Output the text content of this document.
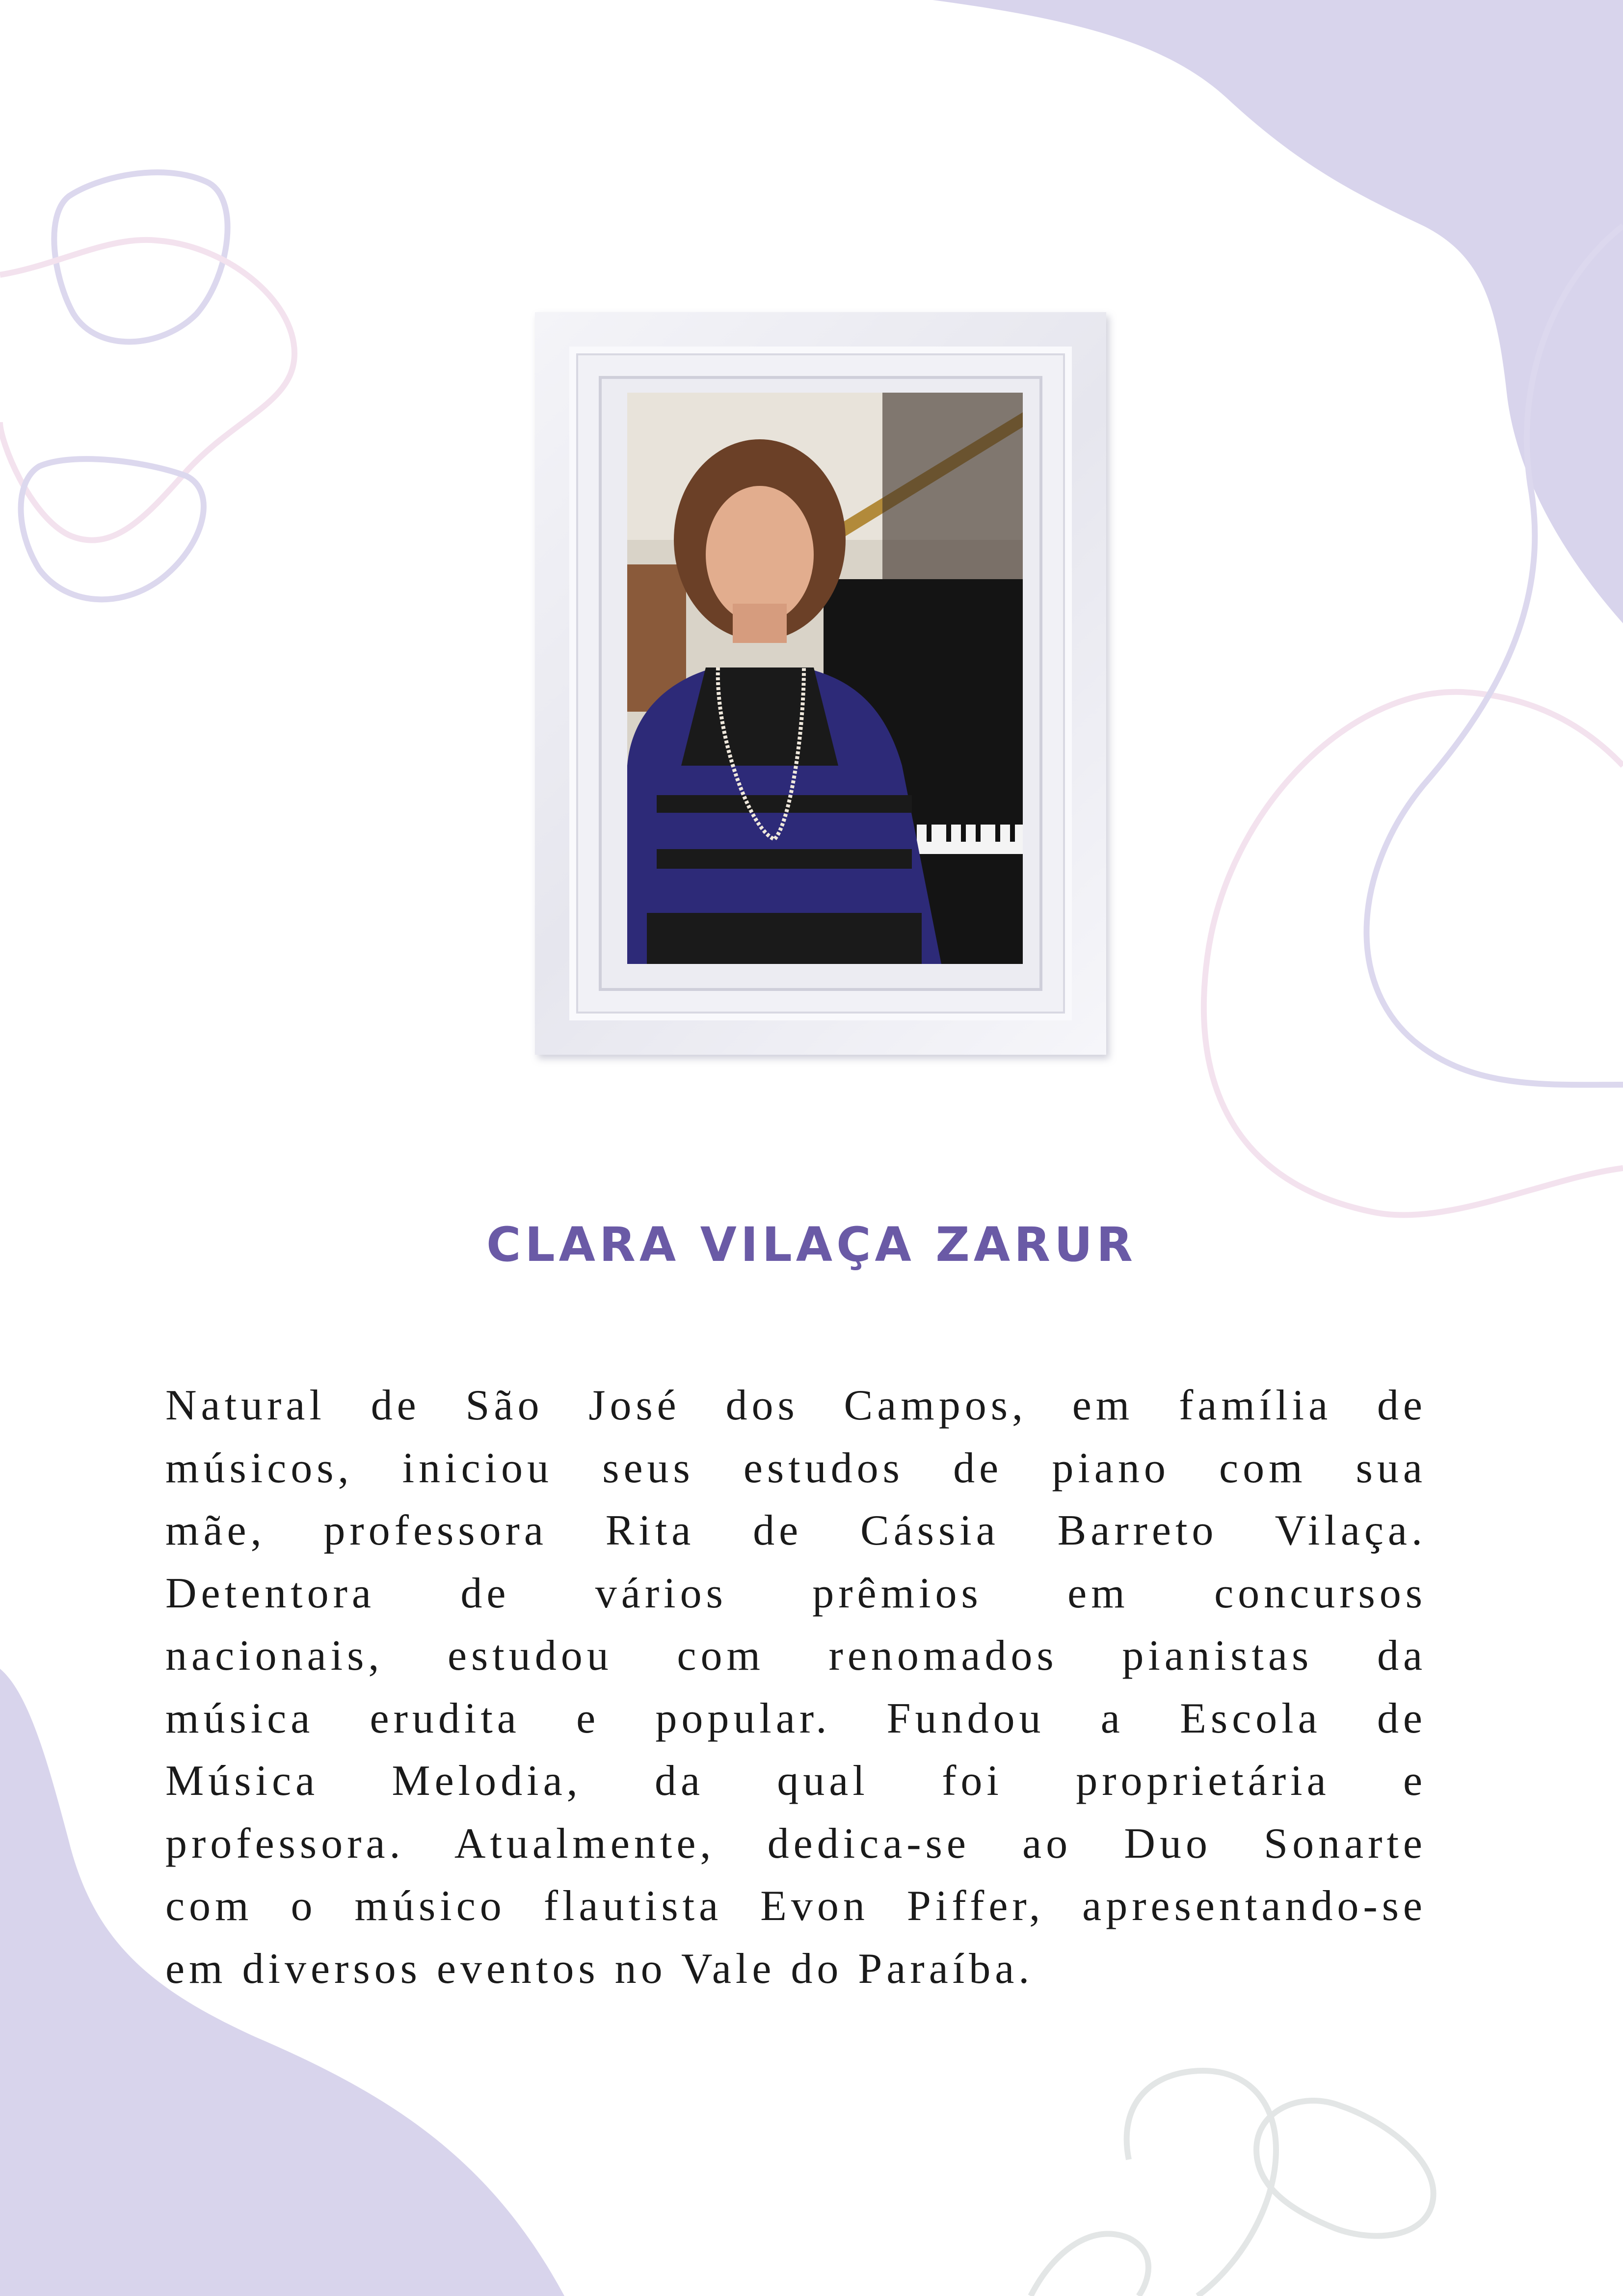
CLARA VILAÇA ZARUR
Natural de São José dos Campos, em família de
músicos, iniciou seus estudos de piano com sua
mãe, professora Rita de Cássia Barreto Vilaça.
Detentora de vários prêmios em concursos
nacionais, estudou com renomados pianistas da
música erudita e popular. Fundou a Escola de
Música Melodia, da qual foi proprietária e
professora. Atualmente, dedica-se ao Duo Sonarte
com o músico flautista Evon Piffer, apresentando-se
em diversos eventos no Vale do Paraíba.
